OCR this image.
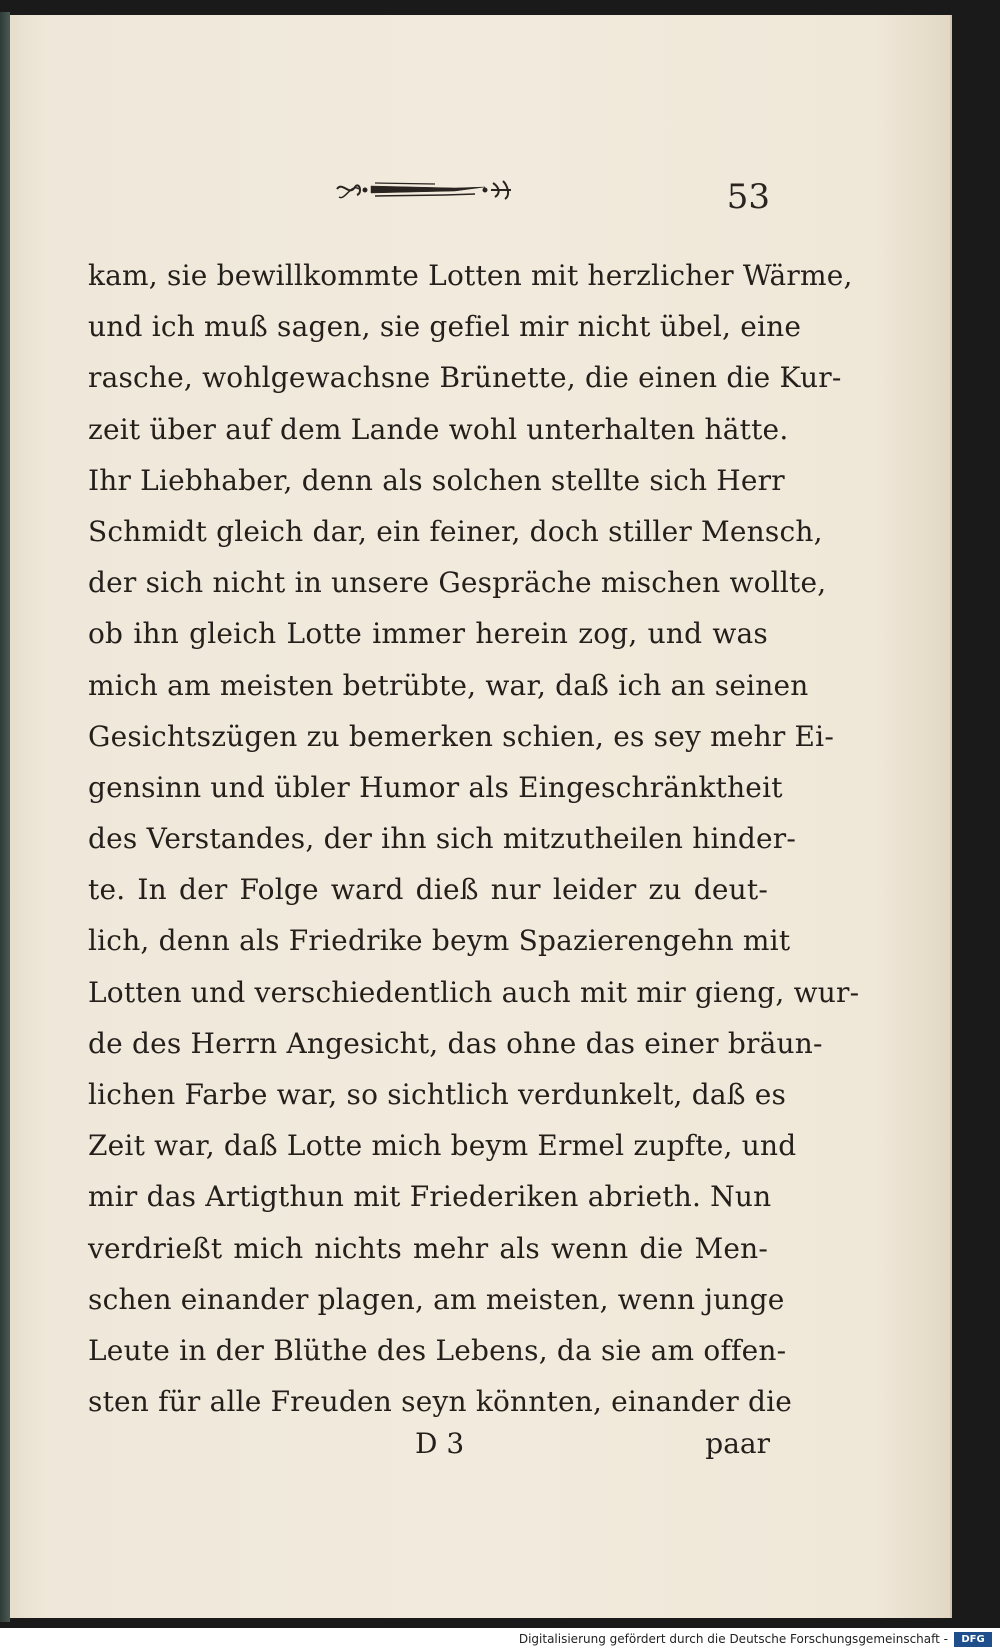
53
kam, sie bewillkommte Lotten mit herzlicher Wärme,
und ich muß sagen, sie gefiel mir nicht übel, eine
rasche, wohlgewachsne Brünette, die einen die Kur-
zeit über auf dem Lande wohl unterhalten hätte.
Ihr Liebhaber, denn als solchen stellte sich Herr
Schmidt gleich dar, ein feiner, doch stiller Mensch,
der sich nicht in unsere Gespräche mischen wollte,
ob ihn gleich Lotte immer herein zog, und was
mich am meisten betrübte, war, daß ich an seinen
Gesichtszügen zu bemerken schien, es sey mehr Ei-
gensinn und übler Humor als Eingeschränktheit
des Verstandes, der ihn sich mitzutheilen hinder-
te. In der Folge ward dieß nur leider zu deut-
lich, denn als Friedrike beym Spazierengehn mit
Lotten und verschiedentlich auch mit mir gieng, wur-
de des Herrn Angesicht, das ohne das einer bräun-
lichen Farbe war, so sichtlich verdunkelt, daß es
Zeit war, daß Lotte mich beym Ermel zupfte, und
mir das Artigthun mit Friederiken abrieth. Nun
verdrießt mich nichts mehr als wenn die Men-
schen einander plagen, am meisten, wenn junge
Leute in der Blüthe des Lebens, da sie am offen-
sten für alle Freuden seyn könnten, einander die
D 3	paar
Digitalisierung gefördert durch die Deutsche Forschungsgemeinschaft -	DFG
